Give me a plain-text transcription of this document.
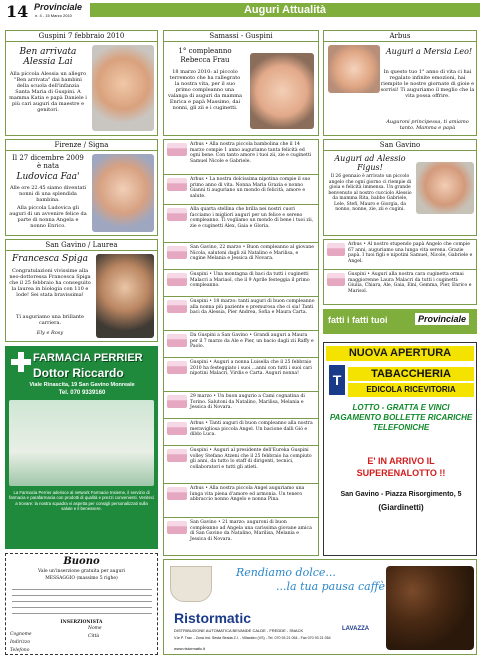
14 Provinciale
n. 4 - 15 Marzo 2010	Auguri Attualità
Guspini 7 febbraio 2010
Ben arrivata Alessia Lai
Alla piccola Alessia un allegro "Ben arrivata" dai bambini della scuola dell'infanzia Santa Maria di Guspini. A mamma Katia e papà Daniele i più cari auguri da maestre e genitori.
Samassi - Guspini
1° compleanno Rebecca Frau
18 marzo 2010: al piccolo terremoto che ha rallegrato la nostra vita, per il suo primo compleanno una valanga di auguri da mamma Enrica e papà Massimo, dai nonni, gli zii e i cuginetti.
Arbus
Auguri a Mersia Leo!
In questo tuo 1° anno di vita ci hai regalato infinite emozioni, hai riempito le nostre giornate di gioie e sorrisi! Ti auguriamo il meglio che la vita possa offrire.
Auguroni principessa, ti amiamo tanto. Mamma e papà
Firenze / Signa
Il 27 dicembre 2009 è nata
Ludovica Faa'
Alle ore 22.45 siamo diventati nonni di una splendida bambina.
Alla piccola Ludovica gli auguri di un avvenire felice da parte di nonna Angela e nonno Enrico.
San Gavino / Laurea
Francesca Spiga
Congratulazioni vivissime alla neo-dottoressa Francesca Spiga che il 25 febbraio ha conseguito la laurea in biologia con 110 e lode! Sei stata bravissima!
Ti auguriamo una brillante carriera.
Ely e Rosy
Arbus • Alla nostra piccola bambolina che il 14 marzo compie 1 anno auguriamo tanta felicità ed ogni bene. Con tanto amore i tuoi zii, zie e cuginetti Samuel Nicole e Gabriele.
Arbus • La nostra dolcissima nipotina compie il suo primo anno di vita. Nonna Maria Grazia e nonno Gianni ti auguriano un mondo di felicità, amore e salute.
Alla quarta stellina che brilla nei nostri cuori facciamo i migliori auguri per un felice e sereno compleanno. Ti vogliamo un mondo di bene i tuoi zii, zie e cuginetti Alex, Gaia e Gloria.
San Gavino, 22 marzo • Buon compleanno al giovane Nicola, salutoni dagli zii Natalino e Marilisa, e cugine Melania e Jessica di Novara.
Guspini • Una montagna di baci da tutti i cuginetti Malacri a Mariaol, che il 9 Aprile festeggia il primo compleanno.
Guspini • 18 marzo: tanti auguri di buon compleanno alla nonna più paziente e premurosa che ci sia! Tanti baci da Alessia, Pier Andrea, Sofia e Maura Carta.
Da Guspini a San Gavino • Grandi auguri a Maura per il 7 marzo da Ale e Pier, un bacio dagli zii Raffy e Paolo.
Guspini • Auguri a nonna Luisella che il 25 febbraio 2010 ha festeggiato i suoi ...anni con tutti i suoi cari nipotini Malacri, Virdis e Carta. Auguri nonna!
29 marzo • Un buon augurio a Cami cognatina di Torino. Salutoni da Natalino, Marilisa, Melania e Jessica di Novara.
Arbus • Tanti auguri di buon compleanno alla nostra meravigliosa piccola Angel. Un bacione dalli Gió e dildo Luca.
Guspini • Auguri al presidente dell'Eureka Guspini volley Stefano Atzeni che il 25 febbraio ha compiuto gli anni, da tutto lo staff di dirigenti, tecnici, collaboratori e tutti gli atleti.
Arbus • Alla nostra piccola Angel auguriamo una lunga vita piena d'amore ed armonia. Un tenero abbraccio nonno Angelo e nonna Pina.
San Gavino • 21 marzo: auguroni di buon compleanno ad Angela una carissima giovane amica di San Gavino da Natalino, Marilisa, Melania e Jessica di Novara.
San Gavino
Auguri ad Alessio Figus!
Il 26 gennaio è arrivato un piccolo angelo che ogni giorno ci riempie di gioia e felicità immensa. Un grande benvenuto al nostro cucciolo Alessio da mamma Rita, babbo Gabriele, Lele, Stefi, Mauro e Giorgia, da nonno, nonne, zie, zii e cugini.
Arbus • Al nostro stupendo papà Angelo che compie 67 anni, auguriamo una lunga vita serena. Grazie papà. I tuoi figli e nipotini Samuel, Nicole, Gabriele e Angel.
Guspini • Auguri alla nostra cara cuginetta ormai maggiorenne Laura Malacri da tutti i cuginetti: Giulia, Chiara, Ale, Gaia, Emi, Gemma, Pier, Enrico e Marisol.
fatti i fatti tuoi	Provinciale
NUOVA APERTURA
T	TABACCHERIA
EDICOLA RICEVITORIA
LOTTO - GRATTA E VINCI PAGAMENTO BOLLETTE RICARICHE TELEFONICHE
E' IN ARRIVO IL SUPERENALOTTO !!
San Gavino - Piazza Risorgimento, 5
(Giardinetti)
FARMACIA PERRIER
Dottor Riccardo
Viale Rinascita, 19 San Gavino Monreale
Tel. 070 9339160
La Farmacia Perrier aderisce al network Farmacie Insieme, il servizio di farmacia e parafarmacia con prodotti di qualità e prezzi convenienti. Veniteci a trovare: la nostra squadra vi aspetta per consigli personalizzati sulla salute e il benessere.
Buono
Vale un'inserzione gratuita per auguri
MESSAGGIO (massimo 5 righe)
INSERZIONISTA
Cognome
Indirizzo
Telefono
Nome
Città
Rendiamo dolce...
...la tua pausa caffè
Ristormatic
DISTRIBUZIONE AUTOMATICA BEVANDE CALDE - FREDDE - SNACK	LAVAZZA
V.le P. Trav. - Zona Ind. Sesta Strada Z.I. - Villacidro (VS) - Tel. 070 93 21 054 - Fax 070 93 21 054
www.ristormatic.it
